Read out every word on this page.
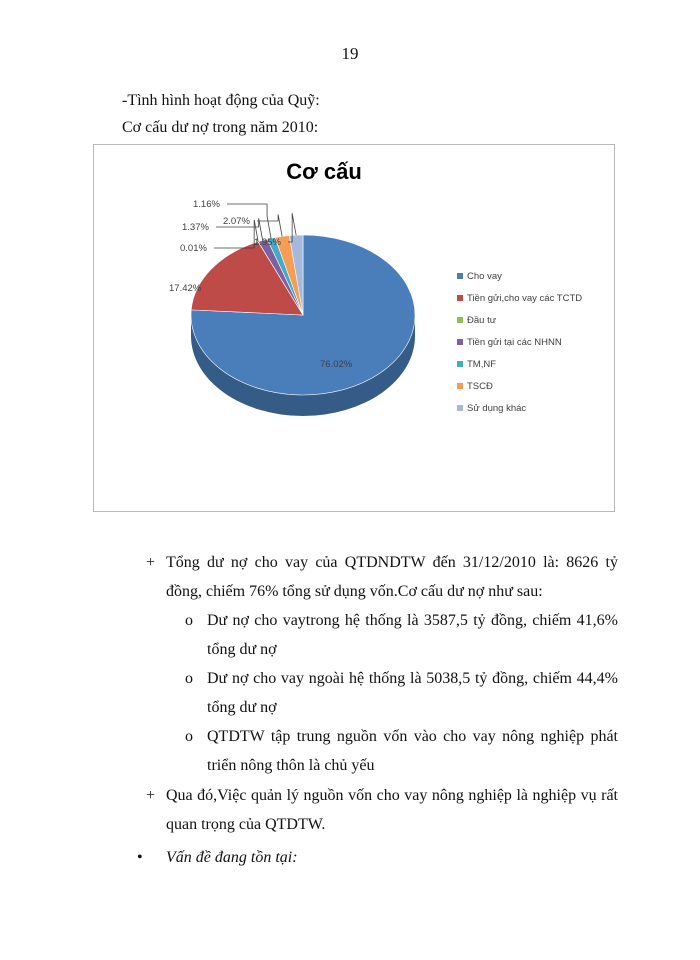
19
-Tình hình hoạt động của Quỹ:
Cơ cấu dư nợ trong năm 2010:
Cơ cấu
76.02%
17.42%
0.01%
1.37%
1.16%
2.07%
1.95%
Cho vay
Tiền gửi,cho vay các TCTD
Đầu tư
Tiền gửi tại các NHNN
TM,NF
TSCĐ
Sử dụng khác
+ Tổng dư nợ cho vay của QTDNDTW đến 31/12/2010 là: 8626 tỷ
đồng, chiếm 76% tổng sử dụng vốn.Cơ cấu dư nợ như sau:
o Dư nợ cho vaytrong hệ thống là 3587,5 tỷ đồng, chiếm 41,6%
tổng dư nợ
o Dư nợ cho vay ngoài hệ thống là 5038,5 tỷ đồng, chiếm 44,4%
tổng dư nợ
o QTDTW tập trung nguồn vốn vào cho vay nông nghiệp phát
triển nông thôn là chủ yếu
+ Qua đó,Việc quản lý nguồn vốn cho vay nông nghiệp là nghiệp vụ rất
quan trọng của QTDTW.
• Vấn đề đang tồn tại:
